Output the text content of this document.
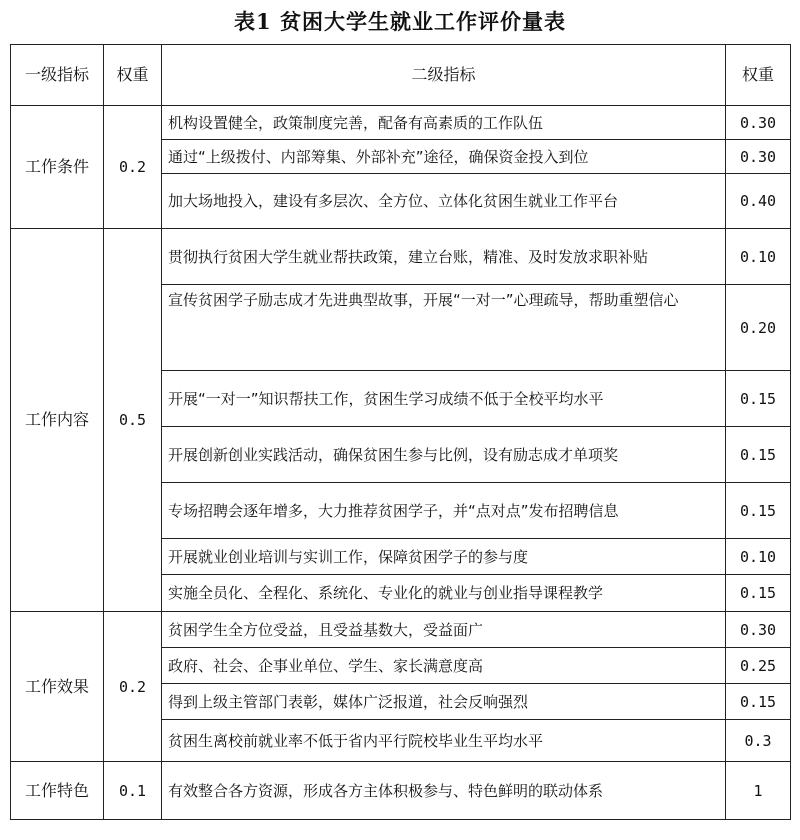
表1 贫困大学生就业工作评价量表
一级指标	权重	二级指标	权重
工作条件	0.2	机构设置健全，政策制度完善，配备有高素质的工作队伍	0.30
		通过“上级拨付、内部筹集、外部补充”途径，确保资金投入到位	0.30
		加大场地投入，建设有多层次、全方位、立体化贫困生就业工作平台	0.40
工作内容	0.5	贯彻执行贫困大学生就业帮扶政策，建立台账，精准、及时发放求职补贴	0.10
		宣传贫困学子励志成才先进典型故事，开展“一对一”心理疏导，帮助重塑信心	0.20
		开展“一对一”知识帮扶工作，贫困生学习成绩不低于全校平均水平	0.15
		开展创新创业实践活动，确保贫困生参与比例，设有励志成才单项奖	0.15
		专场招聘会逐年增多，大力推荐贫困学子，并“点对点”发布招聘信息	0.15
		开展就业创业培训与实训工作，保障贫困学子的参与度	0.10
		实施全员化、全程化、系统化、专业化的就业与创业指导课程教学	0.15
工作效果	0.2	贫困学生全方位受益，且受益基数大，受益面广	0.30
		政府、社会、企事业单位、学生、家长满意度高	0.25
		得到上级主管部门表彰，媒体广泛报道，社会反响强烈	0.15
		贫困生离校前就业率不低于省内平行院校毕业生平均水平	0.3
工作特色	0.1	有效整合各方资源，形成各方主体积极参与、特色鲜明的联动体系	1
